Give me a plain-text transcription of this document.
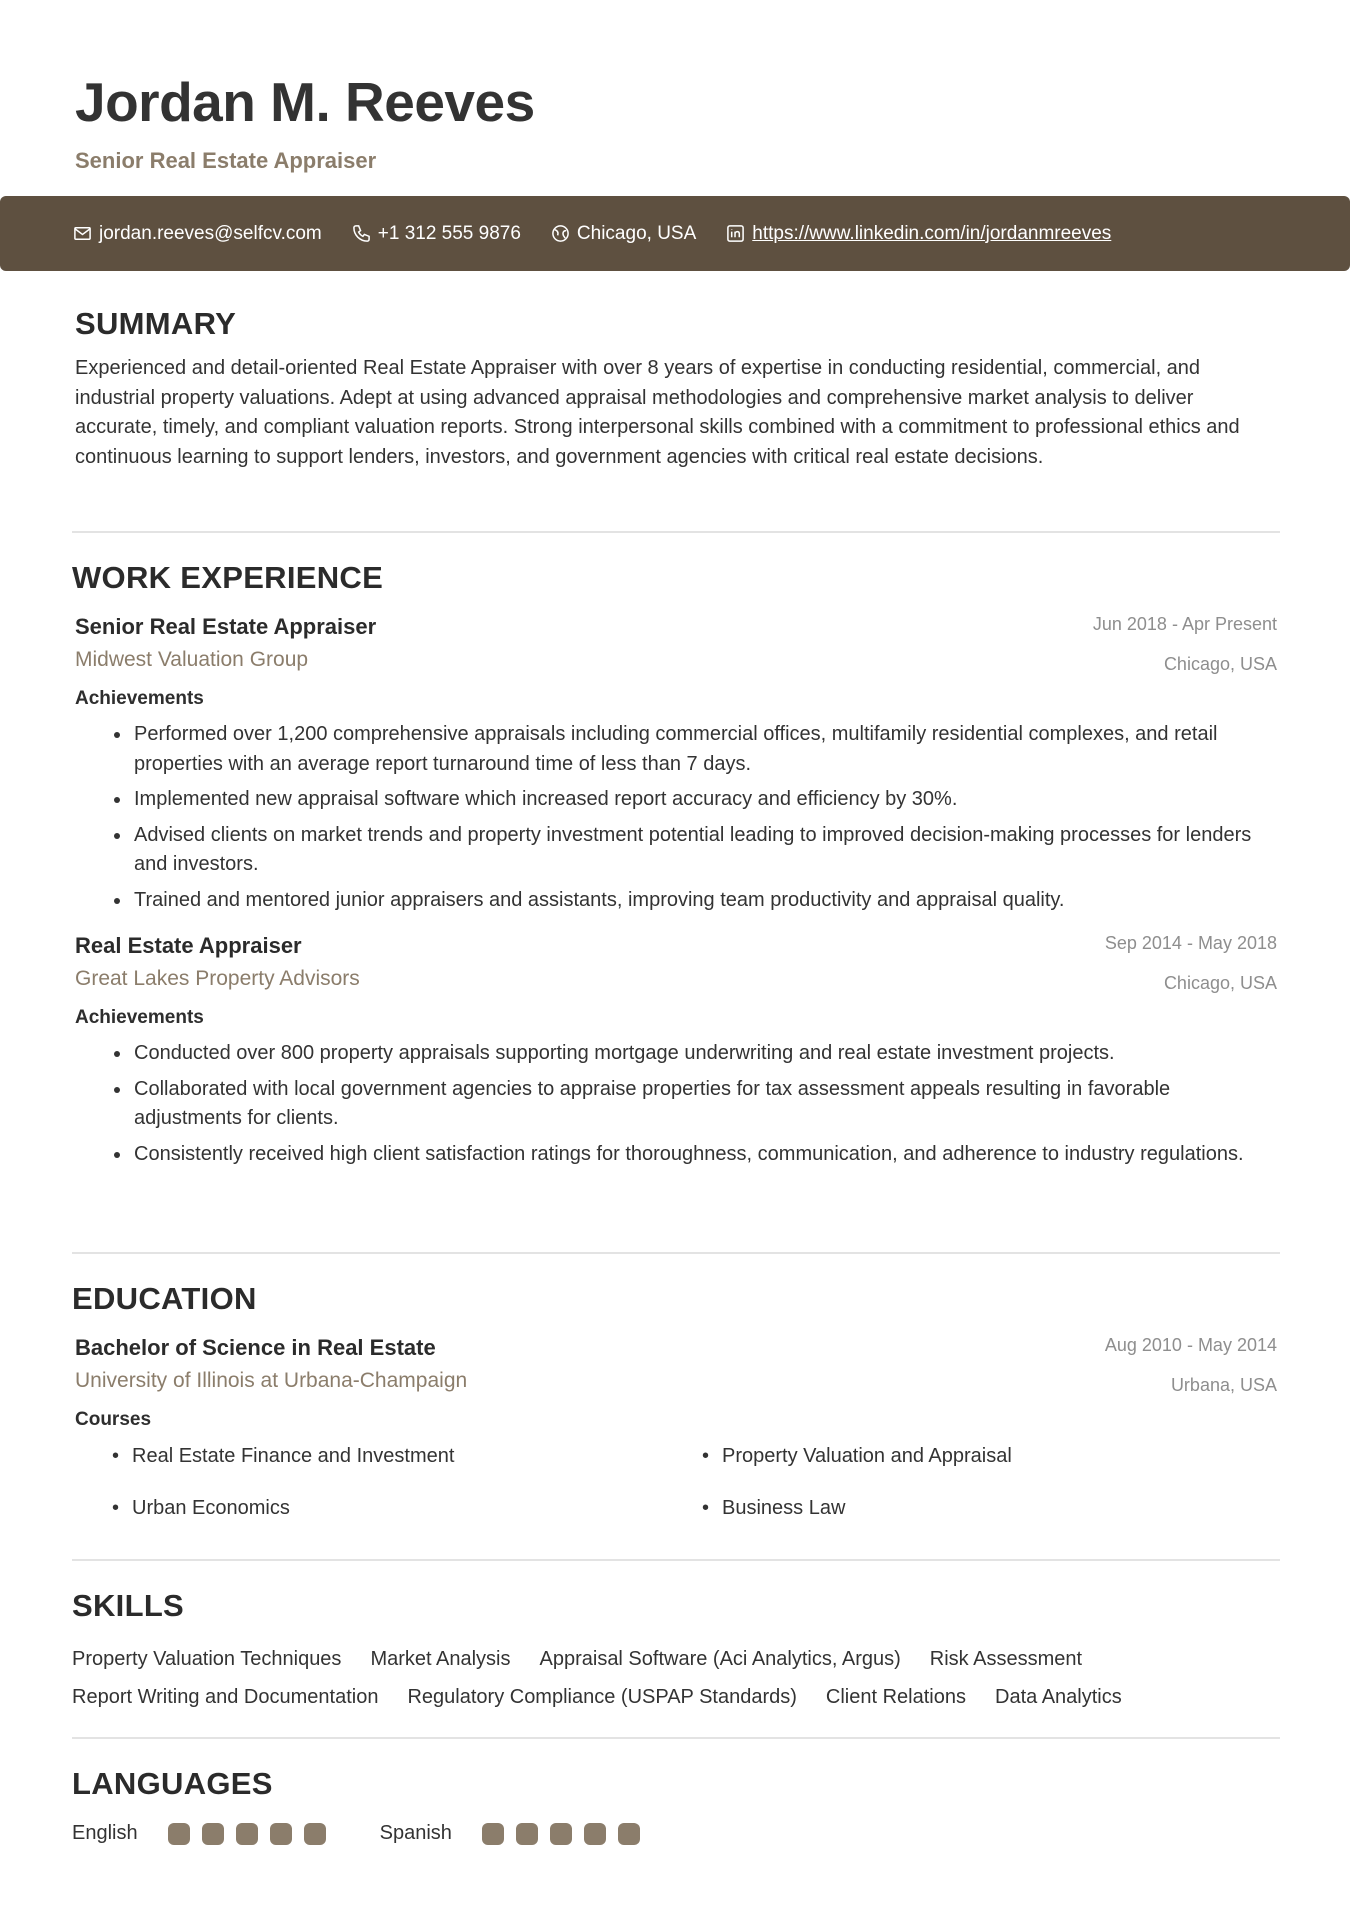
Jordan M. Reeves
Senior Real Estate Appraiser
jordan.reeves@selfcv.com	+1 312 555 9876	Chicago, USA	https://www.linkedin.com/in/jordanmreeves
SUMMARY
Experienced and detail-oriented Real Estate Appraiser with over 8 years of expertise in conducting residential, commercial, and industrial property valuations. Adept at using advanced appraisal methodologies and comprehensive market analysis to deliver accurate, timely, and compliant valuation reports. Strong interpersonal skills combined with a commitment to professional ethics and continuous learning to support lenders, investors, and government agencies with critical real estate decisions.
WORK EXPERIENCE
Senior Real Estate Appraiser
Midwest Valuation Group
Jun 2018 - Apr Present
Chicago, USA
Achievements
• Performed over 1,200 comprehensive appraisals including commercial offices, multifamily residential complexes, and retail properties with an average report turnaround time of less than 7 days.
• Implemented new appraisal software which increased report accuracy and efficiency by 30%.
• Advised clients on market trends and property investment potential leading to improved decision-making processes for lenders and investors.
• Trained and mentored junior appraisers and assistants, improving team productivity and appraisal quality.
Real Estate Appraiser
Great Lakes Property Advisors
Sep 2014 - May 2018
Chicago, USA
Achievements
• Conducted over 800 property appraisals supporting mortgage underwriting and real estate investment projects.
• Collaborated with local government agencies to appraise properties for tax assessment appeals resulting in favorable adjustments for clients.
• Consistently received high client satisfaction ratings for thoroughness, communication, and adherence to industry regulations.
EDUCATION
Bachelor of Science in Real Estate
University of Illinois at Urbana-Champaign
Aug 2010 - May 2014
Urbana, USA
Courses
• Real Estate Finance and Investment	• Property Valuation and Appraisal
• Urban Economics	• Business Law
SKILLS
Property Valuation Techniques Market Analysis Appraisal Software (Aci Analytics, Argus) Risk Assessment
Report Writing and Documentation Regulatory Compliance (USPAP Standards) Client Relations Data Analytics
LANGUAGES
English	Spanish
